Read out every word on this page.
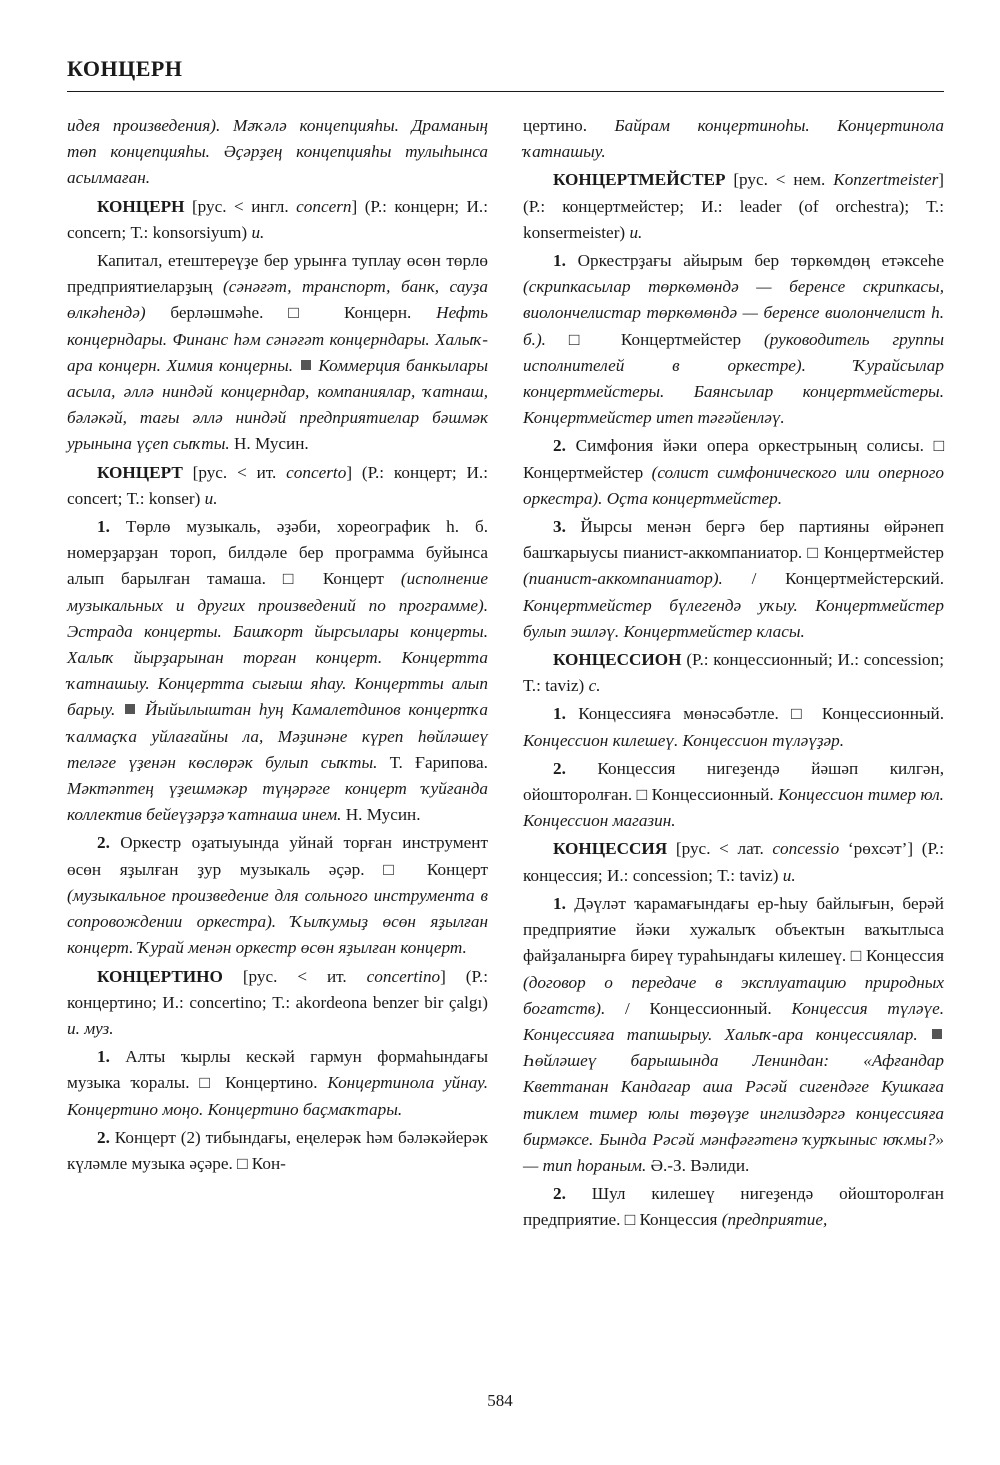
КОНЦЕРН

идея произведения). Мәҡәлә концепцияһы. Драманың төп концепцияһы. Әҫәрҙең концепцияһы тулыһынса асылмаған.

КОНЦЕРН [рус. < ингл. concern] (Р.: концерн; И.: concern; Т.: konsorsiyum) и.

Капитал, етештереүҙе бер урынға туплау өсөн төрлө предприятиеларҙың (сәнәғәт, транспорт, банк, сауҙа өлкәһендә) берләшмәһе. □ Концерн. Нефть концерндары. Финанс һәм сәнәғәт концерндары. Халыҡ-ара концерн. Химия концерны. Коммерция банкылары асыла, әллә ниндәй концерндар, компаниялар, ҡатнаш, бәләкәй, тағы әллә ниндәй предприятиелар бәшмәк урынына үҫеп сыҡты. Н. Мусин.

КОНЦЕРТ [рус. < ит. concerto] (Р.: концерт; И.: concert; Т.: konser) и.

1. Төрлө музыкаль, әҙәби, хореографик һ. б. номерҙарҙан тороп, билдәле бер программа буйынса алып барылған тамаша. □ Концерт (исполнение музыкальных и других произведений по программе). Эстрада концерты. Башҡорт йырсылары концерты. Халыҡ йырҙарынан торған концерт. Концертта ҡатнашыу. Концертта сығыш яһау. Концертты алып барыу. Йыйылыштан һуң Камалетдинов концертҡа ҡалмаҫҡа уйлағайны ла, Мәҙинәне күреп һөйләшеү теләге үҙенән көслөрәк булып сыҡты. Т. Ғарипова. Мәктәптең үҙешмәкәр түңәрәге концерт ҡуйғанда коллектив бейеүҙәрҙә ҡатнаша инем. Н. Мусин.

2. Оркестр оҙатыуында уйнай торған инструмент өсөн яҙылған ҙур музыкаль әҫәр. □ Концерт (музыкальное произведение для сольного инструмента в сопровождении оркестра). Ҡылҡумыҙ өсөн яҙылған концерт. Ҡурай менән оркестр өсөн яҙылған концерт.

КОНЦЕРТИНО [рус. < ит. concertino] (Р.: концертино; И.: concertino; Т.: akordeona benzer bir çalgı) и. муз.

1. Алты ҡырлы кескәй гармун формаһындағы музыка ҡоралы. □ Концертино. Концертинола уйнау. Концертино моңо. Концертино баҫмаҡтары.

2. Концерт (2) тибындағы, еңелерәк һәм бәләкәйерәк күләмле музыка әҫәре. □ Кон-

цертино. Байрам концертиноһы. Концертинола ҡатнашыу.

КОНЦЕРТМЕЙСТЕР [рус. < нем. Konzertmeister] (Р.: концертмейстер; И.: leader (of orchestra); Т.: konsermeister) и.

1. Оркестрҙағы айырым бер төркөмдөң етәксеһе (скрипкасылар төркөмөндә — беренсе скрипкасы, виолончелистар төркөмөндә — беренсе виолончелист һ. б.). □ Концертмейстер (руководитель группы исполнителей в оркестре). Ҡурайсылар концертмейстеры. Баянсылар концертмейстеры. Концертмейстер итеп тәғәйенләү.

2. Симфония йәки опера оркестрының солисы. □ Концертмейстер (солист симфонического или оперного оркестра). Оҫта концертмейстер.

3. Йырсы менән бергә бер партияны өйрәнеп башҡарыусы пианист-аккомпаниатор. □ Концертмейстер (пианист-аккомпаниатор). / Концертмейстерский. Концертмейстер бүлегендә уҡыу. Концертмейстер булып эшләү. Концертмейстер класы.

КОНЦЕССИОН (Р.: концессионный; И.: concession; Т.: taviz) с.

1. Концессияға мөнәсәбәтле. □ Концессионный. Концессион килешеү. Концессион түләүҙәр.

2. Концессия нигеҙендә йәшәп килгән, ойошторолған. □ Концессионный. Концессион тимер юл. Концессион магазин.

КОНЦЕССИЯ [рус. < лат. concessio ‘рөхсәт’] (Р.: концессия; И.: concession; Т.: taviz) и.

1. Дәүләт ҡарамағындағы ер-һыу байлығын, берәй предприятие йәки хужалыҡ объектын ваҡытлыса файҙаланырға биреү тураһындағы килешеү. □ Концессия (договор о передаче в эксплуатацию природных богатств). / Концессионный. Концессия түләүе. Концессияға тапшырыу. Халыҡ-ара концессиялар.  Һөйләшеү барышында Лениндан: «Афғандар Кветтанан Кандагар аша Рәсәй сигендәге Кушкаға тиклем тимер юлы төҙөүҙе инглиздәргә концессияға бирмәксе. Бында Рәсәй мәнфәғәтенә ҡурҡыныс юҡмы?» — тип һораным. Ә.-З. Вәлиди.

2. Шул килешеү нигеҙендә ойошторолған предприятие. □ Концессия (предприятие,

584
